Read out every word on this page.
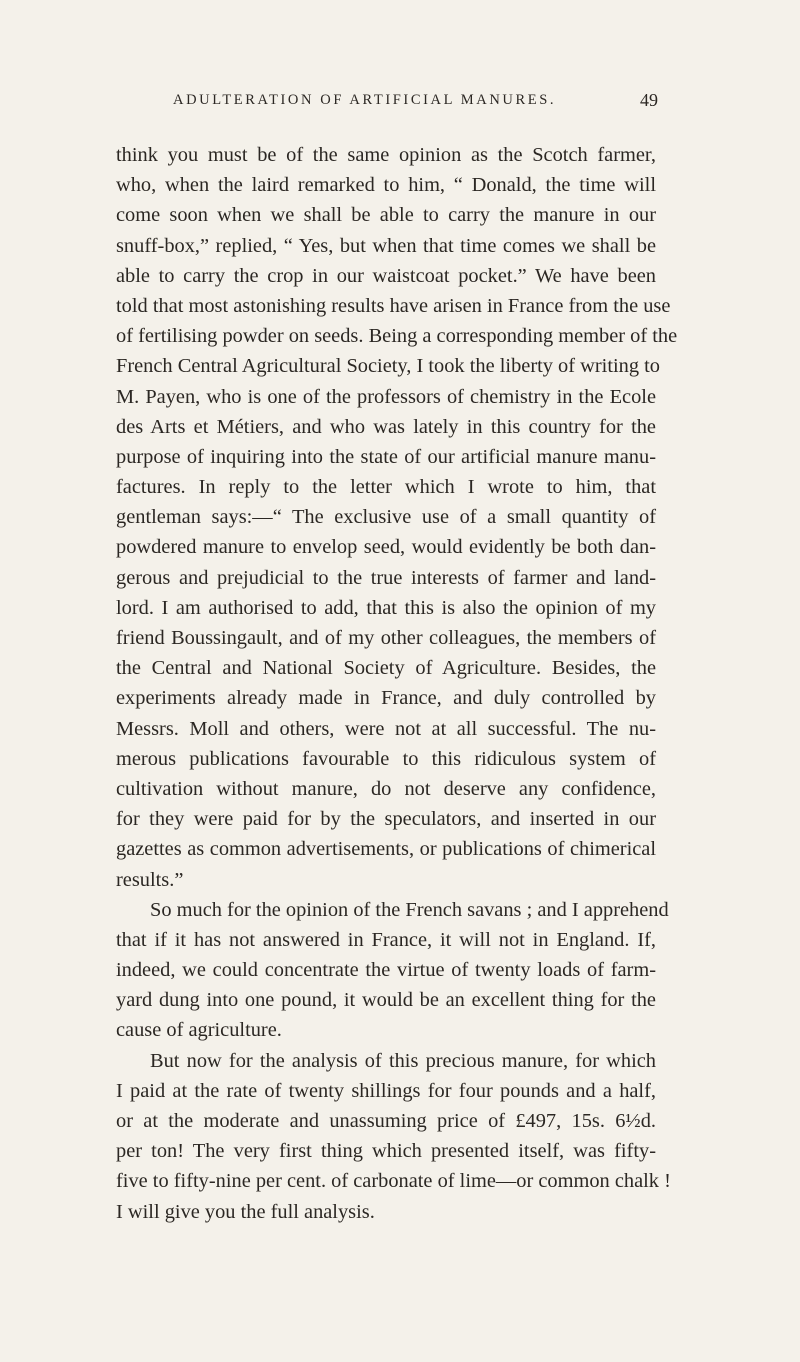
ADULTERATION OF ARTIFICIAL MANURES.	49
think you must be of the same opinion as the Scotch farmer,
who, when the laird remarked to him, “ Donald, the time will
come soon when we shall be able to carry the manure in our
snuff-box,” replied, “ Yes, but when that time comes we shall be
able to carry the crop in our waistcoat pocket.” We have been
told that most astonishing results have arisen in France from the use
of fertilising powder on seeds. Being a corresponding member of the
French Central Agricultural Society, I took the liberty of writing to
M. Payen, who is one of the professors of chemistry in the Ecole
des Arts et Métiers, and who was lately in this country for the
purpose of inquiring into the state of our artificial manure manu-
factures. In reply to the letter which I wrote to him, that
gentleman says:—“ The exclusive use of a small quantity of
powdered manure to envelop seed, would evidently be both dan-
gerous and prejudicial to the true interests of farmer and land-
lord. I am authorised to add, that this is also the opinion of my
friend Boussingault, and of my other colleagues, the members of
the Central and National Society of Agriculture. Besides, the
experiments already made in France, and duly controlled by
Messrs. Moll and others, were not at all successful. The nu-
merous publications favourable to this ridiculous system of
cultivation without manure, do not deserve any confidence,
for they were paid for by the speculators, and inserted in our
gazettes as common advertisements, or publications of chimerical
results.”
So much for the opinion of the French savans ; and I apprehend
that if it has not answered in France, it will not in England. If,
indeed, we could concentrate the virtue of twenty loads of farm-
yard dung into one pound, it would be an excellent thing for the
cause of agriculture.
But now for the analysis of this precious manure, for which
I paid at the rate of twenty shillings for four pounds and a half,
or at the moderate and unassuming price of £497, 15s. 6½d.
per ton! The very first thing which presented itself, was fifty-
five to fifty-nine per cent. of carbonate of lime—or common chalk !
I will give you the full analysis.
